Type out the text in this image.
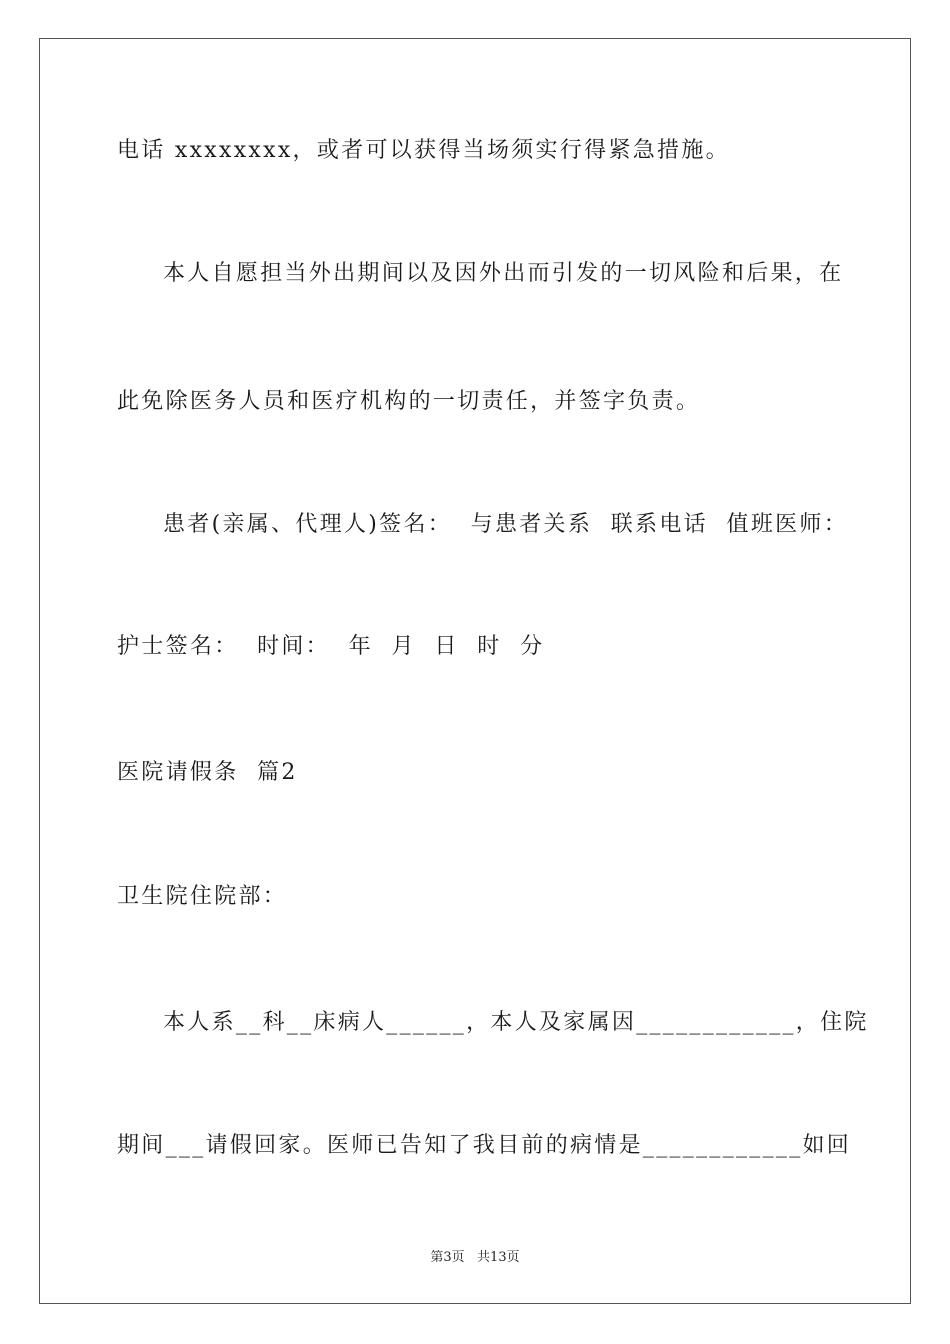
电话 xxxxxxxx，或者可以获得当场须实行得紧急措施。
本人自愿担当外出期间以及因外出而引发的一切风险和后果，在
此免除医务人员和医疗机构的一切责任，并签字负责。
患者(亲属、代理人)签名：  与患者关系  联系电话  值班医师：
护士签名：  时间：  年  月  日  时  分
医院请假条  篇2
卫生院住院部：
本人系__科__床病人______，本人及家属因____________，住院
期间___请假回家。医师已告知了我目前的病情是____________如回
第3页   共13页
